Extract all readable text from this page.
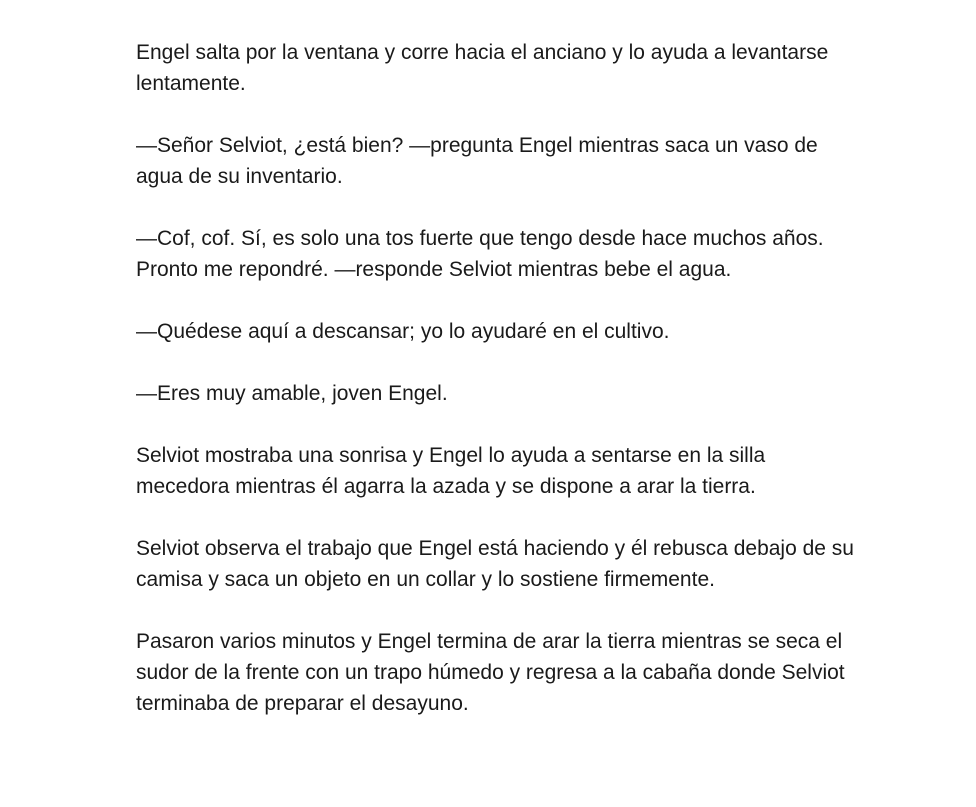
Engel salta por la ventana y corre hacia el anciano y lo ayuda a levantarse lentamente.

—Señor Selviot, ¿está bien? —pregunta Engel mientras saca un vaso de agua de su inventario.

—Cof, cof. Sí, es solo una tos fuerte que tengo desde hace muchos años. Pronto me repondré. —responde Selviot mientras bebe el agua.

—Quédese aquí a descansar; yo lo ayudaré en el cultivo.

—Eres muy amable, joven Engel.

Selviot mostraba una sonrisa y Engel lo ayuda a sentarse en la silla mecedora mientras él agarra la azada y se dispone a arar la tierra.

Selviot observa el trabajo que Engel está haciendo y él rebusca debajo de su camisa y saca un objeto en un collar y lo sostiene firmemente.

Pasaron varios minutos y Engel termina de arar la tierra mientras se seca el sudor de la frente con un trapo húmedo y regresa a la cabaña donde Selviot terminaba de preparar el desayuno.
